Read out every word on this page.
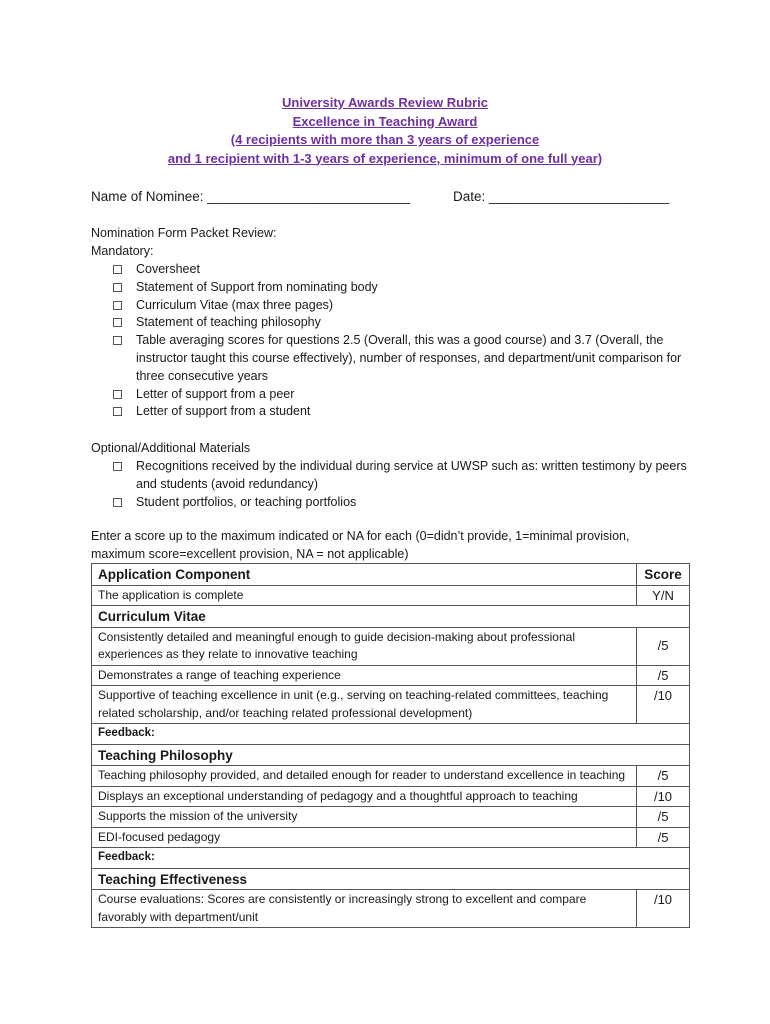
University Awards Review Rubric
Excellence in Teaching Award
(4 recipients with more than 3 years of experience
and 1 recipient with 1-3 years of experience, minimum of one full year)
Name of Nominee: ___________________________	Date: ________________________
Nomination Form Packet Review:
Mandatory:
Coversheet
Statement of Support from nominating body
Curriculum Vitae (max three pages)
Statement of teaching philosophy
Table averaging scores for questions 2.5 (Overall, this was a good course) and 3.7 (Overall, the instructor taught this course effectively), number of responses, and department/unit comparison for three consecutive years
Letter of support from a peer
Letter of support from a student
Optional/Additional Materials
Recognitions received by the individual during service at UWSP such as: written testimony by peers and students (avoid redundancy)
Student portfolios, or teaching portfolios
Enter a score up to the maximum indicated or NA for each (0=didn’t provide, 1=minimal provision, maximum score=excellent provision, NA = not applicable)
Application Component	Score
The application is complete	Y/N
Curriculum Vitae	
Consistently detailed and meaningful enough to guide decision-making about professional experiences as they relate to innovative teaching	/5
Demonstrates a range of teaching experience	/5
Supportive of teaching excellence in unit (e.g., serving on teaching-related committees, teaching related scholarship, and/or teaching related professional development)	/10
Feedback:	
Teaching Philosophy	
Teaching philosophy provided, and detailed enough for reader to understand excellence in teaching	/5
Displays an exceptional understanding of pedagogy and a thoughtful approach to teaching	/10
Supports the mission of the university	/5
EDI-focused pedagogy	/5
Feedback:	
Teaching Effectiveness	
Course evaluations: Scores are consistently or increasingly strong to excellent and compare favorably with department/unit	/10
